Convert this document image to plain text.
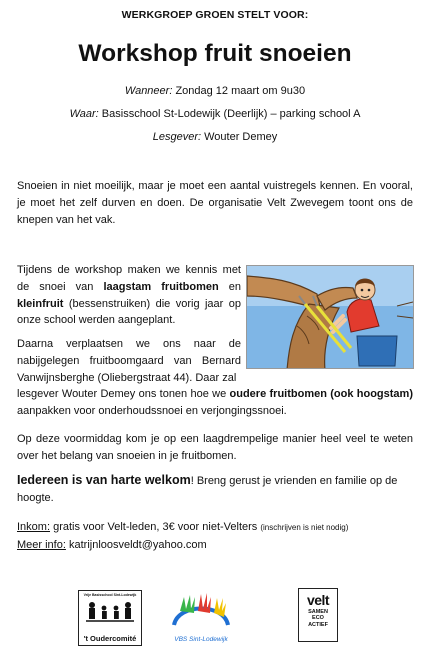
WERKGROEP GROEN STELT VOOR:
Workshop fruit snoeien
Wanneer: Zondag 12 maart om 9u30
Waar: Basisschool St-Lodewijk (Deerlijk) – parking school A
Lesgever: Wouter Demey

Snoeien in niet moeilijk, maar je moet een aantal vuistregels kennen. En vooral, je moet het zelf durven en doen. De organisatie Velt Zwevegem toont ons de knepen van het vak.

Tijdens de workshop maken we kennis met de snoei van laagstam fruitbomen en kleinfruit (bessenstruiken) die vorig jaar op onze school werden aangeplant.

Daarna verplaatsen we ons naar de nabijgelegen fruitboomgaard van Bernard Vanwijnsberghe (Oliebergstraat 44). Daar zal
lesgever Wouter Demey ons tonen hoe we oudere fruitbomen (ook hoogstam) aanpakken voor onderhoudssnoei en verjongingssnoei.

Op deze voormiddag kom je op een laagdrempelige manier heel veel te weten over het belang van snoeien in je fruitbomen.

Iedereen is van harte welkom! Breng gerust je vrienden en familie op de hoogte.

Inkom: gratis voor Velt-leden, 3€ voor niet-Velters (inschrijven is niet nodig)
Meer info: katrijnloosveldt@yahoo.com
Vrije Basisschool Sint-Lodewijk
't Oudercomité	VBS Sint-Lodewijk
velt
SAMEN
ECO
ACTIEF
